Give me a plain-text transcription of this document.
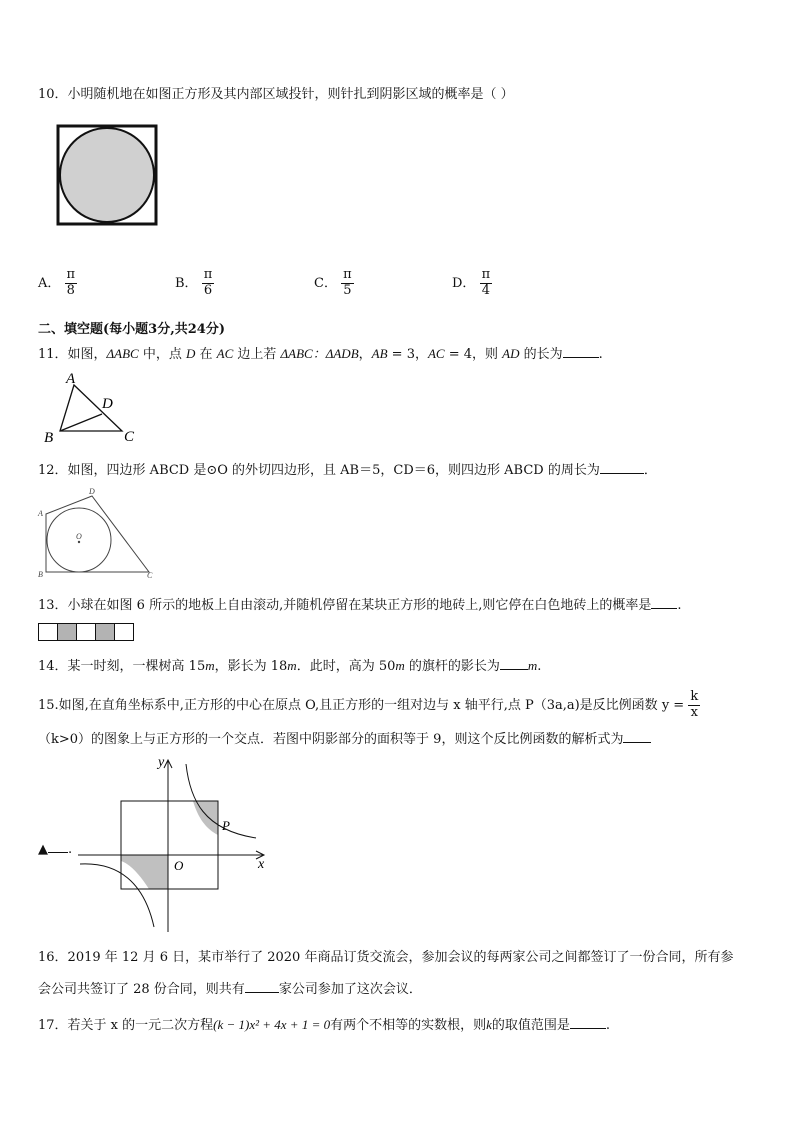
10．小明随机地在如图正方形及其内部区域投针，则针扎到阴影区域的概率是（ ）
A． $\frac{\pi}{8}$	B． $\frac{\pi}{6}$	C． $\frac{\pi}{5}$	D． $\frac{\pi}{4}$
二、填空题(每小题3分,共24分)
11．如图，ΔABC 中，点 D 在 AC 边上若 ΔABC：ΔADB，AB = 3，AC = 4，则 AD 的长为	.
A
B	C
D
12．如图，四边形 ABCD 是⊙O 的外切四边形，且 AB＝5，CD＝6，则四边形 ABCD 的周长为	．
A
D
B	C
O
13．小球在如图 6 所示的地板上自由滚动,并随机停留在某块正方形的地砖上,则它停在白色地砖上的概率是 .
14．某一时刻，一棵树高 15m，影长为 18m．此时，高为 50m 的旗杆的影长为 m.
15.如图,在直角坐标系中,正方形的中心在原点 O,且正方形的一组对边与 x 轴平行,点 P（3a,a)是反比例函数 $y = \frac{k}{x}$
（k>0）的图象上与正方形的一个交点．若图中阴影部分的面积等于 9，则这个反比例函数的解析式为
y
x
O
P
▲ .
16．2019 年 12 月 6 日，某市举行了 2020 年商品订货交流会，参加会议的每两家公司之间都签订了一份合同，所有参
会公司共签订了 28 份合同，则共有	家公司参加了这次会议．
17．若关于 x 的一元二次方程(k − 1)x² + 4x + 1 = 0有两个不相等的实数根，则k的取值范围是	.
